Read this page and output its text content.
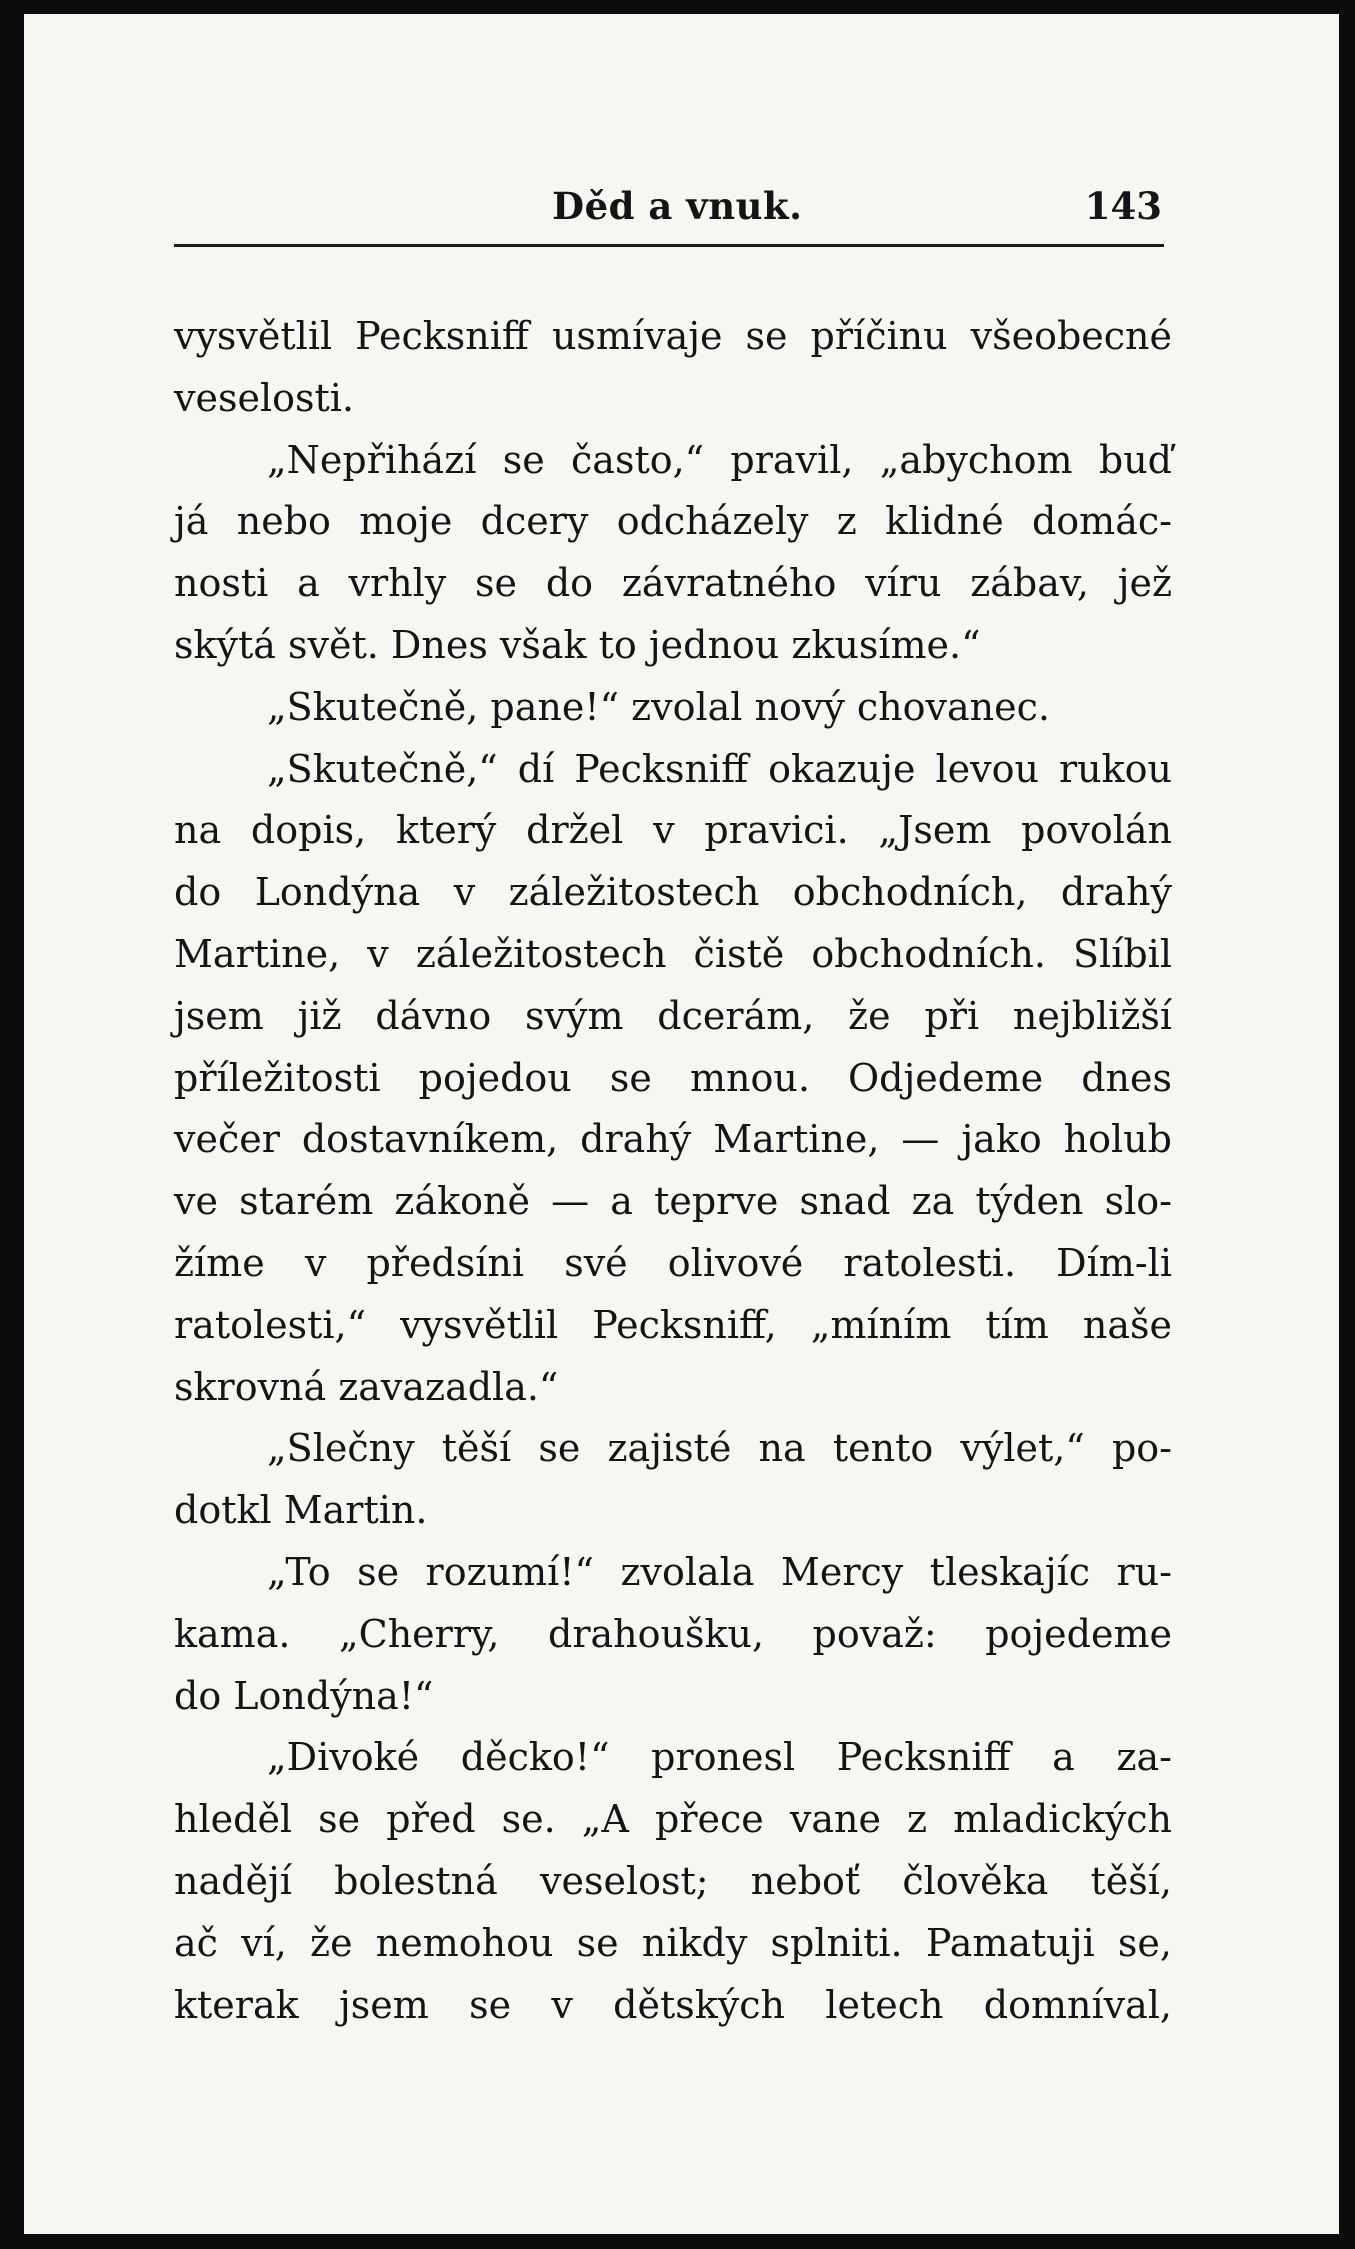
Děd a vnuk.	143
vysvětlil Pecksniff usmívaje se příčinu všeobecné
veselosti.
„Nepřihází se často,“ pravil, „abychom buď
já nebo moje dcery odcházely z klidné domác-
nosti a vrhly se do závratného víru zábav, jež
skýtá svět. Dnes však to jednou zkusíme.“
„Skutečně, pane!“ zvolal nový chovanec.
„Skutečně,“ dí Pecksniff okazuje levou rukou
na dopis, který držel v pravici. „Jsem povolán
do Londýna v záležitostech obchodních, drahý
Martine, v záležitostech čistě obchodních. Slíbil
jsem již dávno svým dcerám, že při nejbližší
příležitosti pojedou se mnou. Odjedeme dnes
večer dostavníkem, drahý Martine, — jako holub
ve starém zákoně — a teprve snad za týden slo-
žíme v předsíni své olivové ratolesti. Dím-li
ratolesti,“ vysvětlil Pecksniff, „míním tím naše
skrovná zavazadla.“
„Slečny těší se zajisté na tento výlet,“ po-
dotkl Martin.
„To se rozumí!“ zvolala Mercy tleskajíc ru-
kama. „Cherry, drahoušku, považ: pojedeme
do Londýna!“
„Divoké děcko!“ pronesl Pecksniff a za-
hleděl se před se. „A přece vane z mladických
nadějí bolestná veselost; neboť člověka těší,
ač ví, že nemohou se nikdy splniti. Pamatuji se,
kterak jsem se v dětských letech domníval,
